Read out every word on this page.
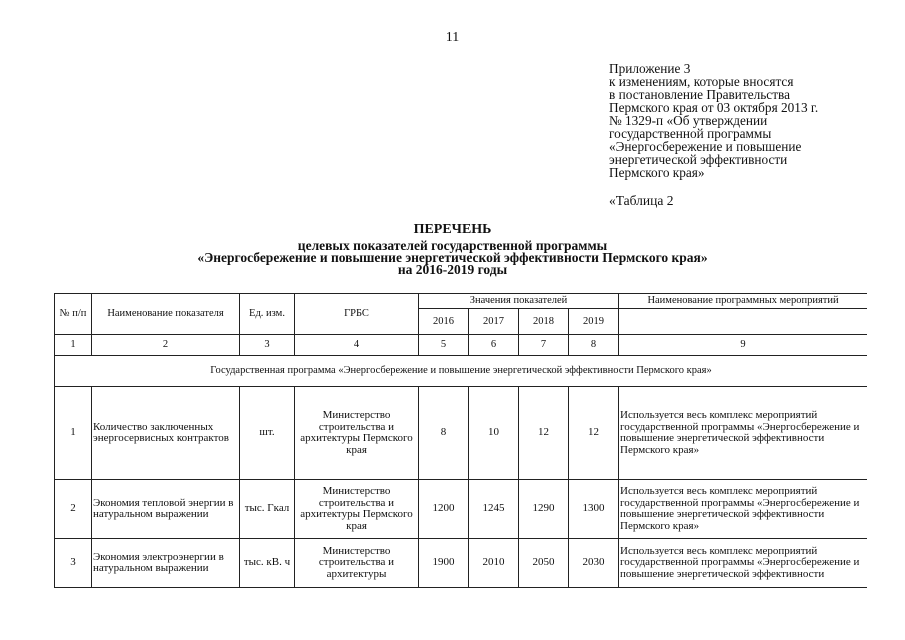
11
Приложение 3
к изменениям, которые вносятся
в постановление Правительства
Пермского края от 03 октября 2013 г.
№ 1329-п «Об утверждении
государственной программы
«Энергосбережение и повышение
энергетической эффективности
Пермского края»
«Таблица 2
ПЕРЕЧЕНЬ
целевых показателей государственной программы
«Энергосбережение и повышение энергетической эффективности Пермского края»
на 2016-2019 годы
№ п/п	Наименование показателя	Ед. изм.	ГРБС	Значения показателей				Наименование программных мероприятий
				2016	2017	2018	2019	
1	2	3	4	5	6	7	8	9
Государственная программа «Энергосбережение и повышение энергетической эффективности Пермского края»								
1	Количество заключенных энергосервисных контрактов	шт.	Министерство строительства и архитектуры Пермского края	8	10	12	12	Используется весь комплекс мероприятий государственной программы «Энергосбережение и повышение энергетической эффективности Пермского края»
2	Экономия тепловой энергии в натуральном выражении	тыс. Гкал	Министерство строительства и архитектуры Пермского края	1200	1245	1290	1300	Используется весь комплекс мероприятий государственной программы «Энергосбережение и повышение энергетической эффективности Пермского края»
3	Экономия электроэнергии в натуральном выражении	тыс. кВ. ч	Министерство строительства и архитектуры	1900	2010	2050	2030	Используется весь комплекс мероприятий государственной программы «Энергосбережение и повышение энергетической эффективности
